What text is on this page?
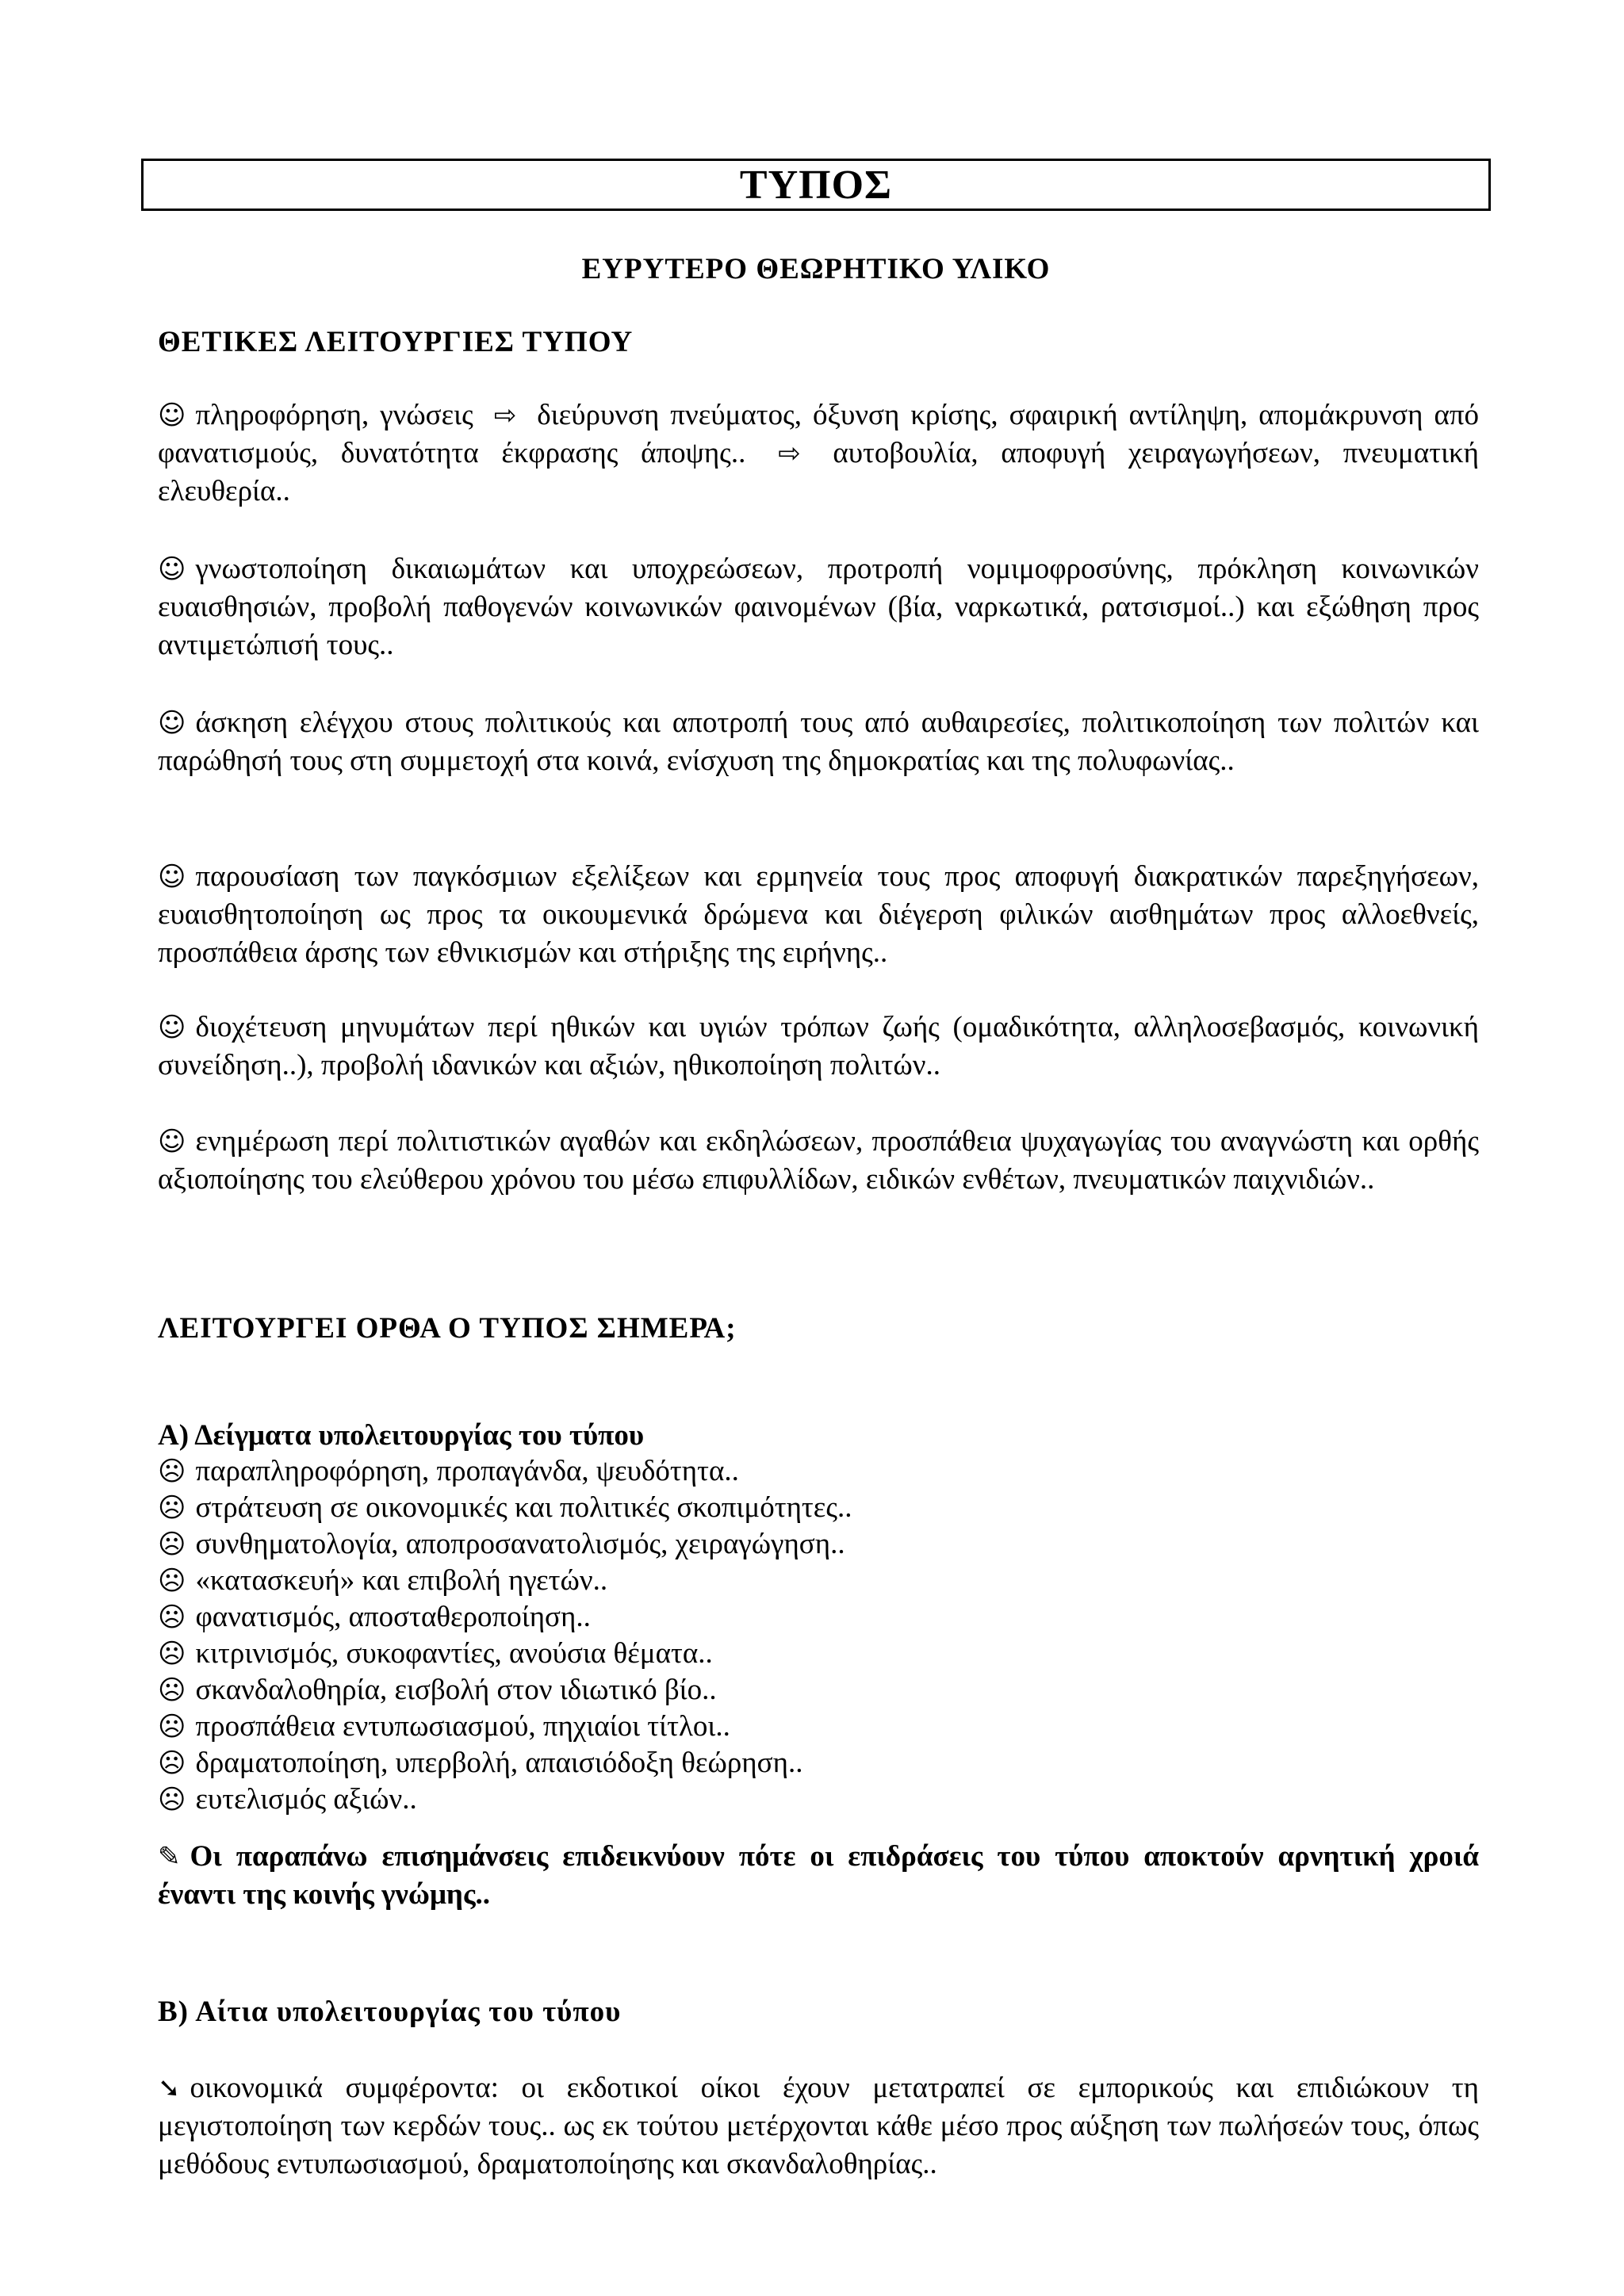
ΤΥΠΟΣ
ΕΥΡΥΤΕΡΟ ΘΕΩΡΗΤΙΚΟ ΥΛΙΚΟ
ΘΕΤΙΚΕΣ ΛΕΙΤΟΥΡΓΙΕΣ ΤΥΠΟΥ
☺ πληροφόρηση, γνώσεις ⇨ διεύρυνση πνεύματος, όξυνση κρίσης, σφαιρική αντίληψη, απομάκρυνση από φανατισμούς, δυνατότητα έκφρασης άποψης.. ⇨ αυτοβουλία, αποφυγή χειραγωγήσεων, πνευματική ελευθερία..
☺ γνωστοποίηση δικαιωμάτων και υποχρεώσεων, προτροπή νομιμοφροσύνης, πρόκληση κοινωνικών ευαισθησιών, προβολή παθογενών κοινωνικών φαινομένων (βία, ναρκωτικά, ρατσισμοί..) και εξώθηση προς αντιμετώπισή τους..
☺ άσκηση ελέγχου στους πολιτικούς και αποτροπή τους από αυθαιρεσίες, πολιτικοποίηση των πολιτών και παρώθησή τους στη συμμετοχή στα κοινά, ενίσχυση της δημοκρατίας και της πολυφωνίας..
☺ παρουσίαση των παγκόσμιων εξελίξεων και ερμηνεία τους προς αποφυγή διακρατικών παρεξηγήσεων, ευαισθητοποίηση ως προς τα οικουμενικά δρώμενα και διέγερση φιλικών αισθημάτων προς αλλοεθνείς, προσπάθεια άρσης των εθνικισμών και στήριξης της ειρήνης..
☺ διοχέτευση μηνυμάτων περί ηθικών και υγιών τρόπων ζωής (ομαδικότητα, αλληλοσεβασμός, κοινωνική συνείδηση..), προβολή ιδανικών και αξιών, ηθικοποίηση πολιτών..
☺ ενημέρωση περί πολιτιστικών αγαθών και εκδηλώσεων, προσπάθεια ψυχαγωγίας του αναγνώστη και ορθής αξιοποίησης του ελεύθερου χρόνου του μέσω επιφυλλίδων, ειδικών ενθέτων, πνευματικών παιχνιδιών..
ΛΕΙΤΟΥΡΓΕΙ ΟΡΘΑ Ο ΤΥΠΟΣ ΣΗΜΕΡΑ;
Α) Δείγματα υπολειτουργίας του τύπου
☹ παραπληροφόρηση, προπαγάνδα, ψευδότητα..
☹ στράτευση σε οικονομικές και πολιτικές σκοπιμότητες..
☹ συνθηματολογία, αποπροσανατολισμός, χειραγώγηση..
☹ «κατασκευή» και επιβολή ηγετών..
☹ φανατισμός, αποσταθεροποίηση..
☹ κιτρινισμός, συκοφαντίες, ανούσια θέματα..
☹ σκανδαλοθηρία, εισβολή στον ιδιωτικό βίο..
☹ προσπάθεια εντυπωσιασμού, πηχιαίοι τίτλοι..
☹ δραματοποίηση, υπερβολή, απαισιόδοξη θεώρηση..
☹ ευτελισμός αξιών..
✎ Οι παραπάνω επισημάνσεις επιδεικνύουν πότε οι επιδράσεις του τύπου αποκτούν αρνητική χροιά έναντι της κοινής γνώμης..
Β) Αίτια υπολειτουργίας του τύπου
➘ οικονομικά συμφέροντα: οι εκδοτικοί οίκοι έχουν μετατραπεί σε εμπορικούς και επιδιώκουν τη μεγιστοποίηση των κερδών τους.. ως εκ τούτου μετέρχονται κάθε μέσο προς αύξηση των πωλήσεών τους, όπως μεθόδους εντυπωσιασμού, δραματοποίησης και σκανδαλοθηρίας..
